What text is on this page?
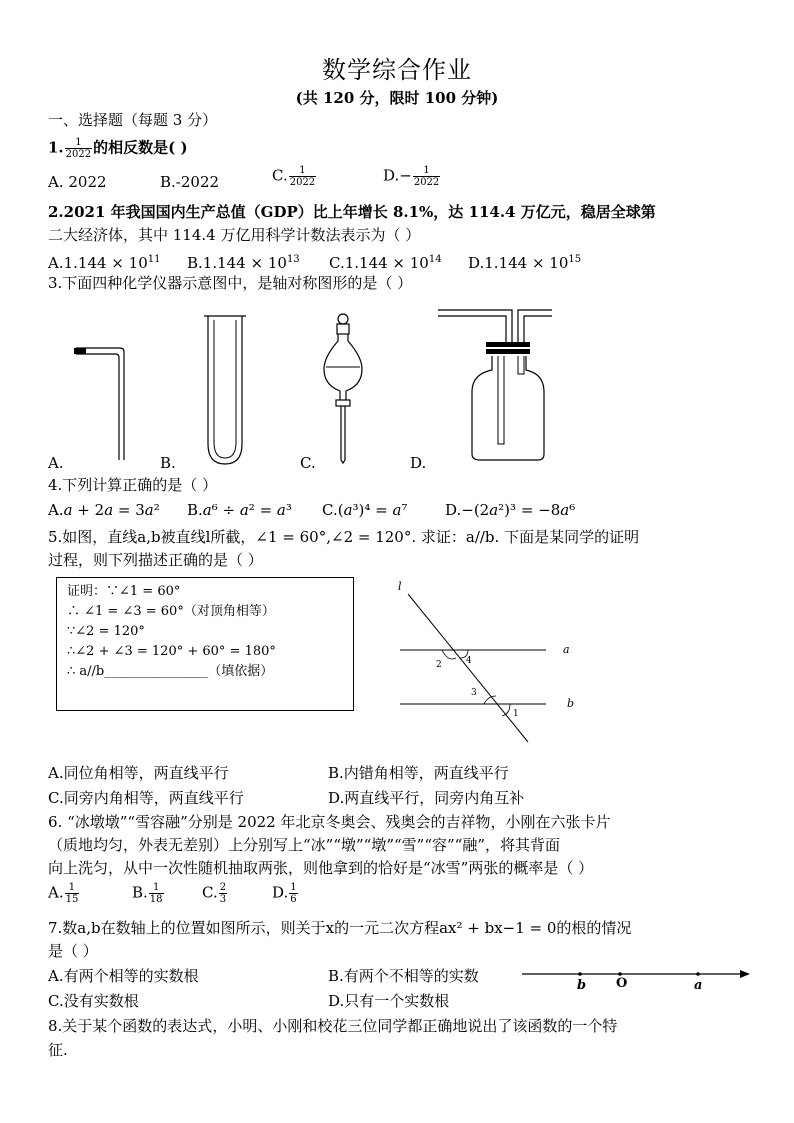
数学综合作业
(共 120 分，限时 100 分钟)
一、选择题（每题 3 分）
1. $\frac{1}{2022}$ 的相反数是( )
A. 2022	B.-2022	C. $\frac{1}{2022}$	$D.- \frac{1}{2022}$
2.2021 年我国国内生产总值（GDP）比上年增长 8.1%，达 114.4 万亿元，稳居全球第
二大经济体，其中 114.4 万亿用科学计数法表示为（ ）
$A.1.144 \times 10^{11}$ $B.1.144 \times 10^{13}$ $C.1.144 \times 10^{14}$ $D.1.144 \times 10^{15}$
3.下面四种化学仪器示意图中，是轴对称图形的是（ ）
A.	B.	C.	D.
4.下列计算正确的是（ ）
A.𝑎 + 2𝑎 = 3𝑎² B.𝑎⁶ ÷ 𝑎² = 𝑎³ C.(𝑎³)⁴ = 𝑎⁷	D.−(2𝑎²)³ = −8𝑎⁶
5.如图，直线a,b被直线l所截，∠1 = 60°,∠2 = 120°. 求证：a//b. 下面是某同学的证明
过程，则下列描述正确的是（ ）
证明：∵∠1 = 60°
∴ ∠1 = ∠3 = 60°（对顶角相等）
∵∠2 = 120°
∴∠2 + ∠3 = 120° + 60° = 180°
∴ a//b________________（填依据）
l
a
b
2	4
3
1
A.同位角相等，两直线平行	B.内错角相等，两直线平行
C.同旁内角相等，两直线平行	D.两直线平行，同旁内角互补
6. “冰墩墩”“雪容融”分别是 2022 年北京冬奥会、残奥会的吉祥物，小刚在六张卡片
（质地均匀，外表无差别）上分别写上“冰”“墩”“墩”“雪”“容”“融”，将其背面
向上洗匀，从中一次性随机抽取两张，则他拿到的恰好是“冰雪”两张的概率是（ ）
A. $\frac{1}{15}$	B. $\frac{1}{18}$	C. $\frac{2}{3}$	D. $\frac{1}{6}$
7.数a,b在数轴上的位置如图所示，则关于x的一元二次方程ax² + bx−1 = 0的根的情况
是（ ）
A.有两个相等的实数根	B.有两个不相等的实数
C.没有实数根	D.只有一个实数根
b O	a
8.关于某个函数的表达式，小明、小刚和校花三位同学都正确地说出了该函数的一个特
征.
